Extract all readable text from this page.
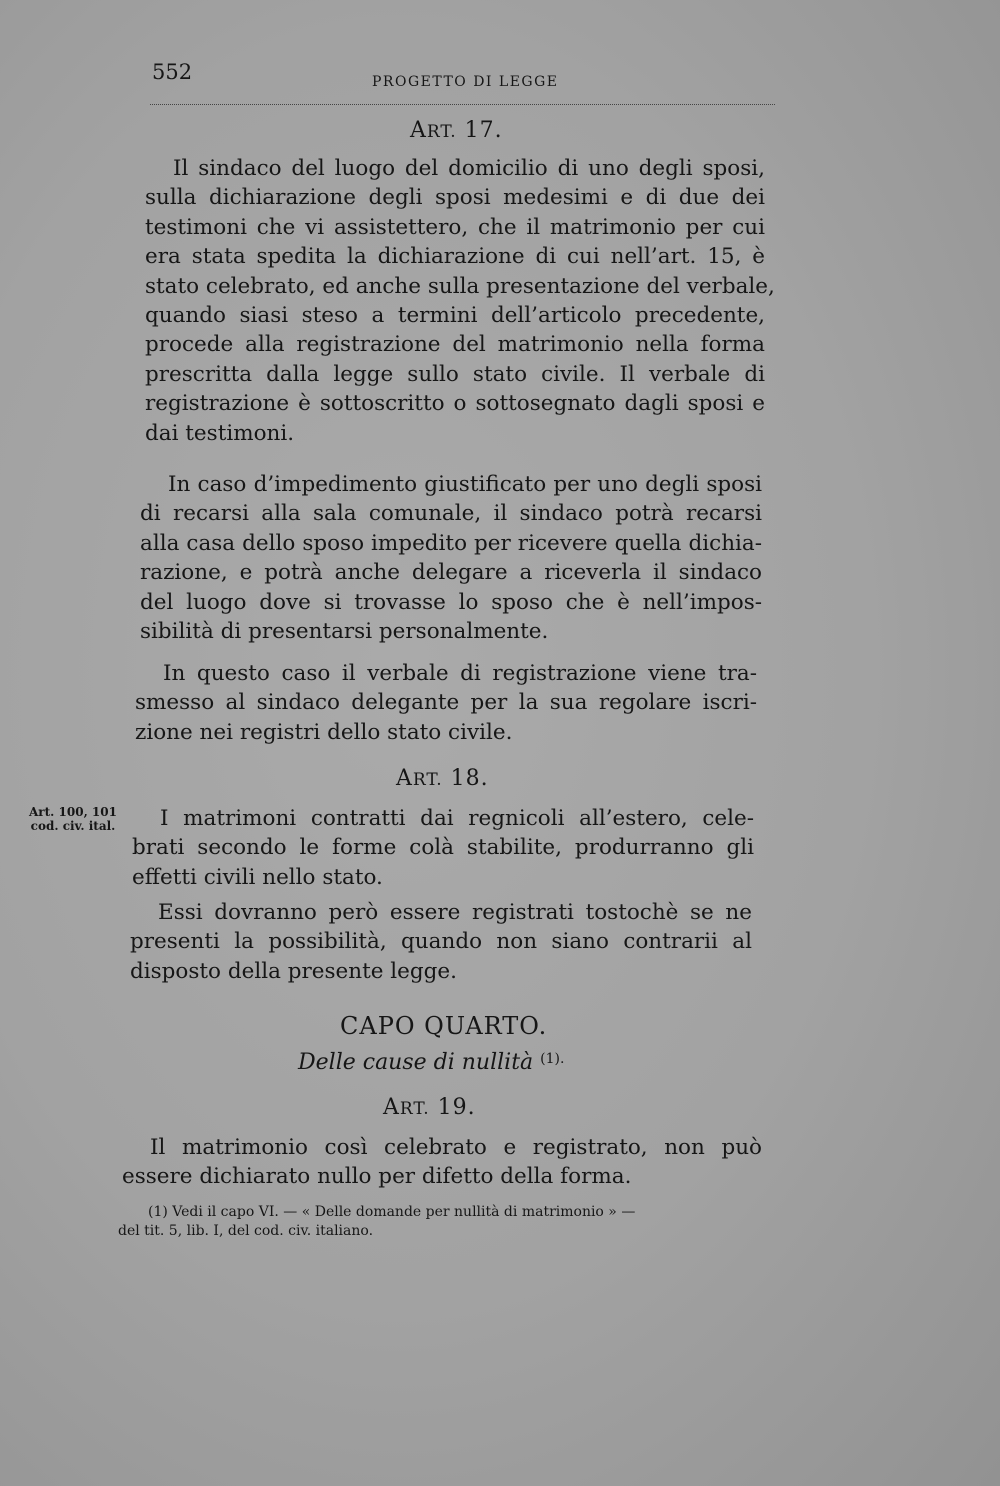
552	PROGETTO DI LEGGE
ART. 17.
Il sindaco del luogo del domicilio di uno degli sposi,
sulla dichiarazione degli sposi medesimi e di due dei
testimoni che vi assistettero, che il matrimonio per cui
era stata spedita la dichiarazione di cui nell’art. 15, è
stato celebrato, ed anche sulla presentazione del verbale,
quando siasi steso a termini dell’articolo precedente,
procede alla registrazione del matrimonio nella forma
prescritta dalla legge sullo stato civile. Il verbale di
registrazione è sottoscritto o sottosegnato dagli sposi e
dai testimoni.
In caso d’impedimento giustificato per uno degli sposi
di recarsi alla sala comunale, il sindaco potrà recarsi
alla casa dello sposo impedito per ricevere quella dichia-
razione, e potrà anche delegare a riceverla il sindaco
del luogo dove si trovasse lo sposo che è nell’impos-
sibilità di presentarsi personalmente.
In questo caso il verbale di registrazione viene tra-
smesso al sindaco delegante per la sua regolare iscri-
zione nei registri dello stato civile.
ART. 18.
Art. 100, 101
cod. civ. ital.	I matrimoni contratti dai regnicoli all’estero, cele-
brati secondo le forme colà stabilite, produrranno gli
effetti civili nello stato.
Essi dovranno però essere registrati tostochè se ne
presenti la possibilità, quando non siano contrarii al
disposto della presente legge.
CAPO QUARTO.
Delle cause di nullità $^{(1).}$
ART. 19.
Il matrimonio così celebrato e registrato, non può
essere dichiarato nullo per difetto della forma.
(1) Vedi il capo VI. — « Delle domande per nullità di matrimonio » —
del tit. 5, lib. I, del cod. civ. italiano.
